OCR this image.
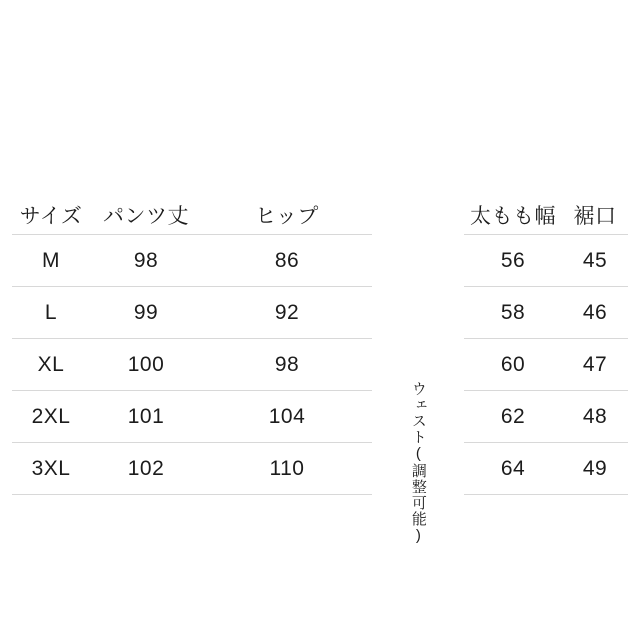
サイズ	パンツ丈	ヒップ		太もも幅	裾口
M	98	86	ウェスト(調整可能)	56	45
L	99	92		58	46
XL	100	98		60	47
2XL	101	104		62	48
3XL	102	110		64	49
